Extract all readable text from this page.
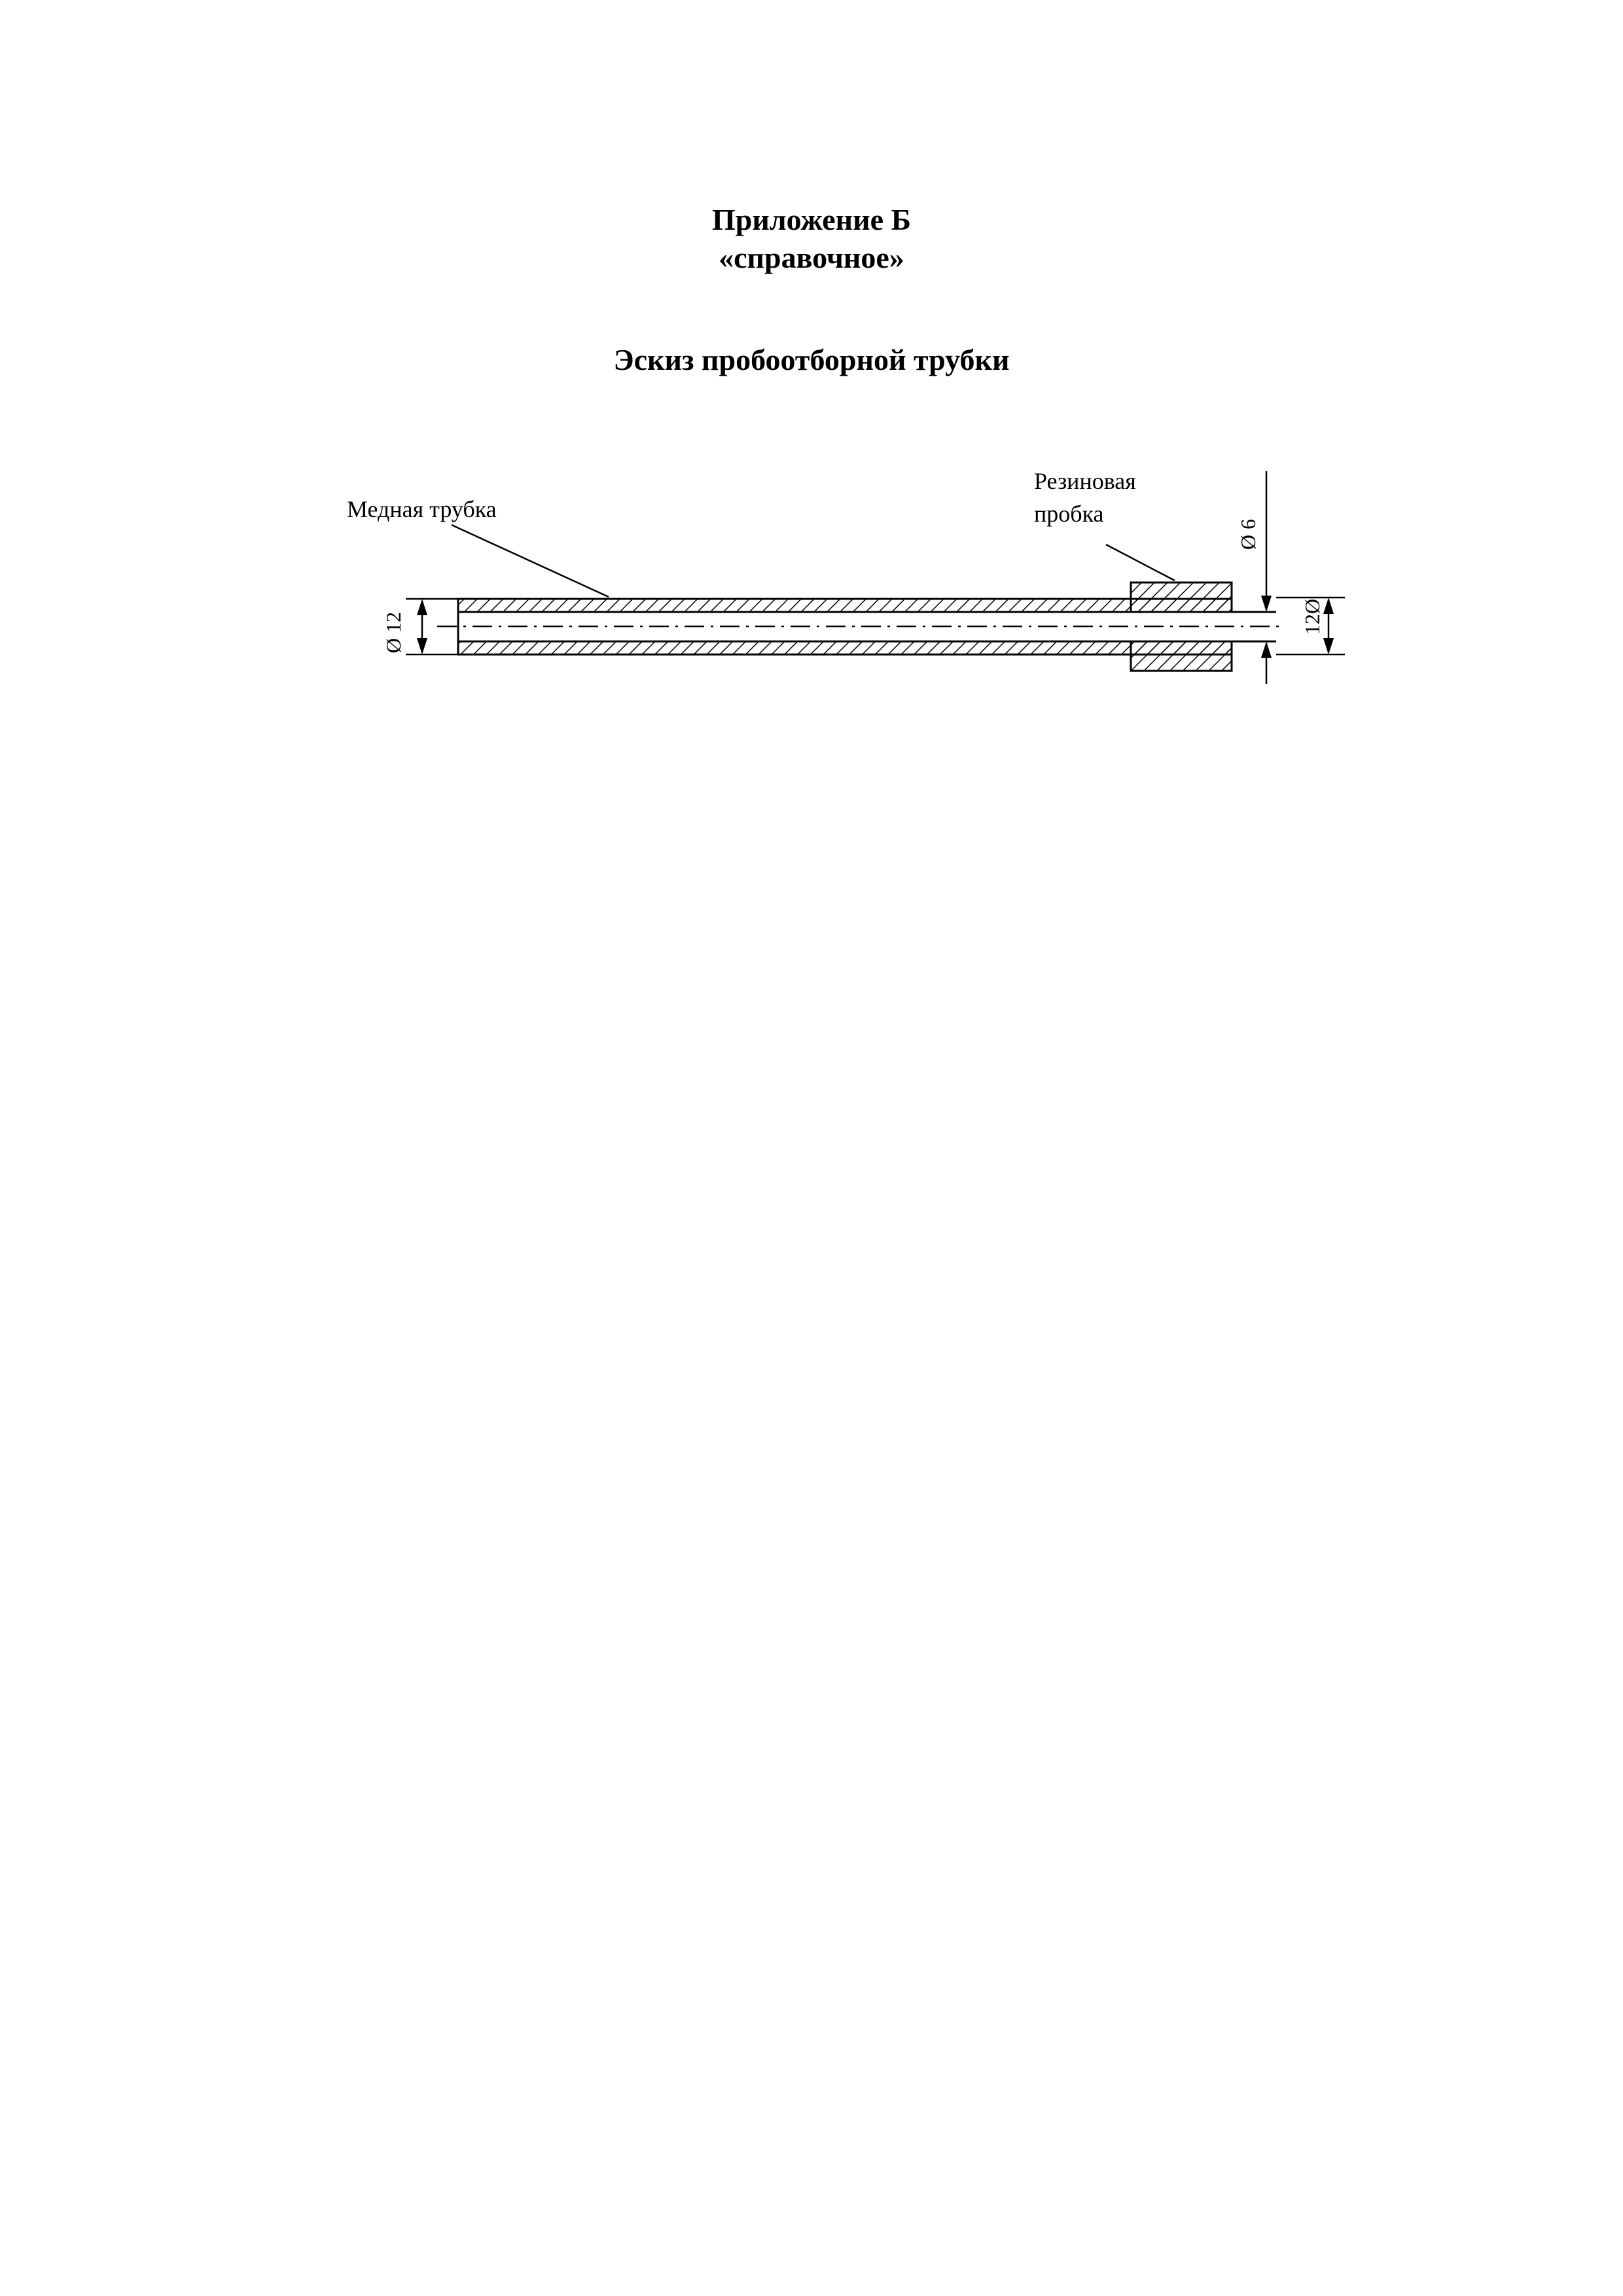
Приложение Б
«справочное»
Эскиз пробоотборной трубки
Ø 12	12Ø
Ø 6
Медная трубка
Резиновая
пробка
